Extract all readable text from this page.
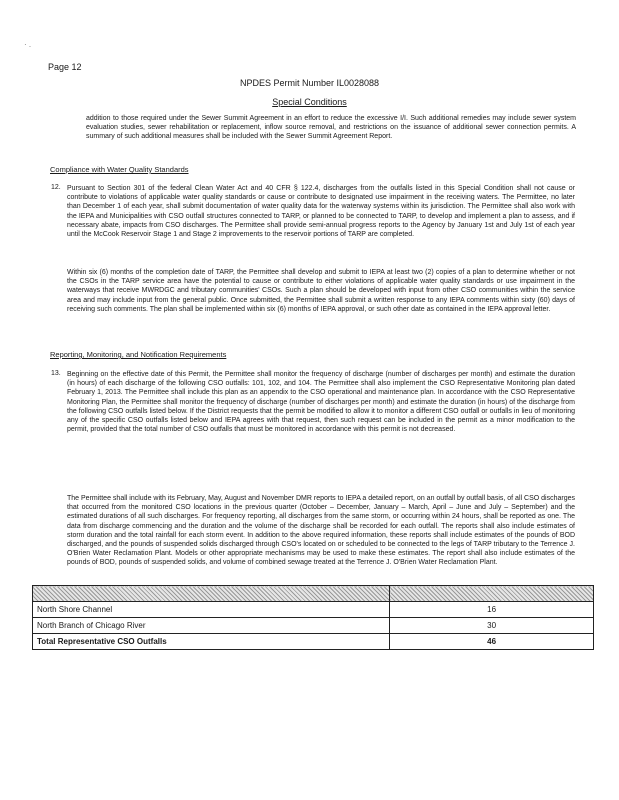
· .
Page 12
NPDES Permit Number IL0028088
Special Conditions
addition to those required under the Sewer Summit Agreement in an effort to reduce the excessive I/I. Such additional remedies may include sewer system evaluation studies, sewer rehabilitation or replacement, inflow source removal, and restrictions on the issuance of additional sewer connection permits. A summary of such additional measures shall be included with the Sewer Summit Agreement Report.
Compliance with Water Quality Standards
12. Pursuant to Section 301 of the federal Clean Water Act and 40 CFR § 122.4, discharges from the outfalls listed in this Special Condition shall not cause or contribute to violations of applicable water quality standards or cause or contribute to designated use impairment in the receiving waters. The Permittee, no later than December 1 of each year, shall submit documentation of water quality data for the waterway systems within its jurisdiction. The Permittee shall also work with the IEPA and Municipalities with CSO outfall structures connected to TARP, or planned to be connected to TARP, to develop and implement a plan to assess, and if necessary abate, impacts from CSO discharges. The Permittee shall provide semi-annual progress reports to the Agency by January 1st and July 1st of each year until the McCook Reservoir Stage 1 and Stage 2 improvements to the reservoir portions of TARP are completed.
Within six (6) months of the completion date of TARP, the Permittee shall develop and submit to IEPA at least two (2) copies of a plan to determine whether or not the CSOs in the TARP service area have the potential to cause or contribute to either violations of applicable water quality standards or use impairment in the waterways that receive MWRDGC and tributary communities' CSOs. Such a plan should be developed with input from other CSO communities within the service area and may include input from the general public. Once submitted, the Permittee shall submit a written response to any IEPA comments within sixty (60) days of receiving such comments. The plan shall be implemented within six (6) months of IEPA approval, or such other date as contained in the IEPA approval letter.
Reporting, Monitoring, and Notification Requirements
13. Beginning on the effective date of this Permit, the Permittee shall monitor the frequency of discharge (number of discharges per month) and estimate the duration (in hours) of each discharge of the following CSO outfalls: 101, 102, and 104. The Permittee shall also implement the CSO Representative Monitoring plan dated February 1, 2013. The Permittee shall include this plan as an appendix to the CSO operational and maintenance plan. In accordance with the CSO Representative Monitoring Plan, the Permittee shall monitor the frequency of discharge (number of discharges per month) and estimate the duration (in hours) of the discharge from the following CSO outfalls listed below. If the District requests that the permit be modified to allow it to monitor a different CSO outfall or outfalls in lieu of monitoring any of the specific CSO outfalls listed below and IEPA agrees with that request, then such request can be included in the permit as a minor modification to the permit, provided that the total number of CSO outfalls that must be monitored in accordance with this permit is not decreased.
The Permittee shall include with its February, May, August and November DMR reports to IEPA a detailed report, on an outfall by outfall basis, of all CSO discharges that occurred from the monitored CSO locations in the previous quarter (October – December, January – March, April – June and July – September) and the estimated durations of all such discharges. For frequency reporting, all discharges from the same storm, or occurring within 24 hours, shall be reported as one. The data from discharge commencing and the duration and the volume of the discharge shall be recorded for each outfall. The reports shall also include estimates of storm duration and the total rainfall for each storm event. In addition to the above required information, these reports shall include estimates of the pounds of BOD discharged, and the pounds of suspended solids discharged through CSO's located on or scheduled to be connected to the legs of TARP tributary to the Terrence J. O'Brien Water Reclamation Plant. Models or other appropriate mechanisms may be used to make these estimates. The report shall also include estimates of the pounds of BOD, pounds of suspended solids, and volume of combined sewage treated at the Terrence J. O'Brien Water Reclamation Plant.

North Shore Channel	16
North Branch of Chicago River	30
Total Representative CSO Outfalls	46
